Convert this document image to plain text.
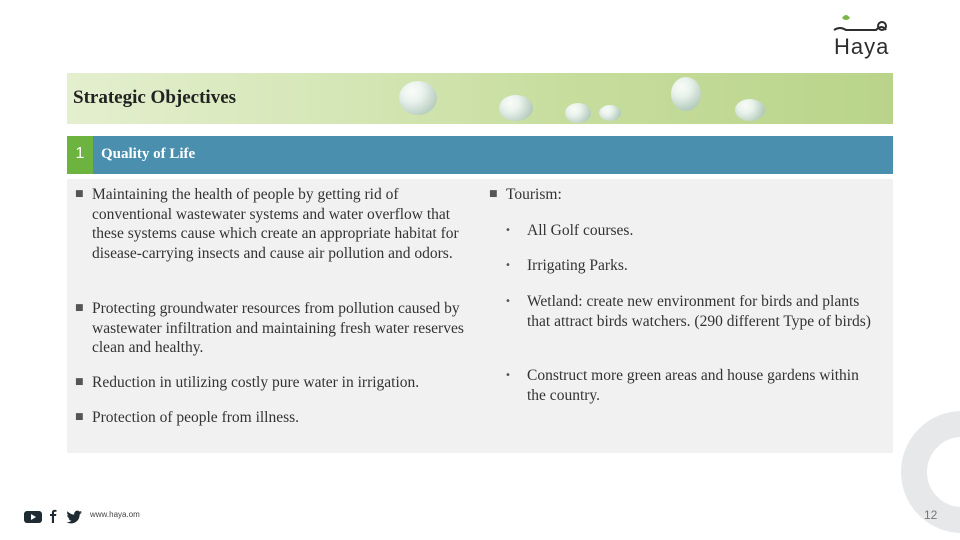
Haya
Strategic Objectives
1	Quality of Life
■ Maintaining the health of people by getting rid of conventional wastewater systems and water overflow that these systems cause which create an appropriate habitat for disease-carrying insects and cause air pollution and odors.
■ Protecting groundwater resources from pollution caused by wastewater infiltration and maintaining fresh water reserves clean and healthy.
■ Reduction in utilizing costly pure water in irrigation.
■ Protection of people from illness.
■ Tourism:
•	All Golf courses.
•	Irrigating Parks.
•	Wetland: create new environment for birds and plants that attract birds watchers. (290 different Type of birds)
•	Construct more green areas and house gardens within the country.
www.haya.om	12
